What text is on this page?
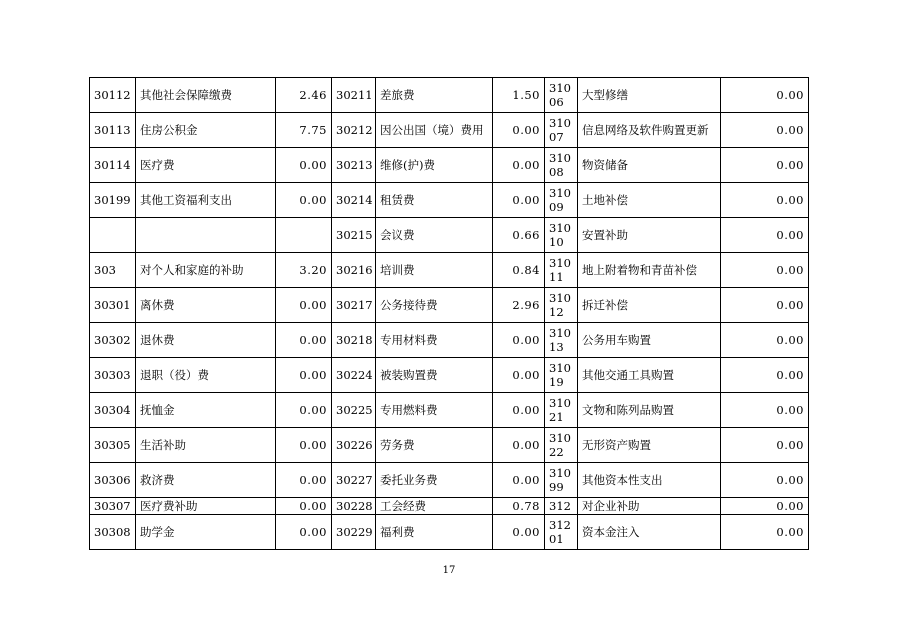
30112	其他社会保障缴费	2.46	30211	差旅费	1.50	31006	大型修缮	0.00
30113	住房公积金	7.75	30212	因公出国（境）费用	0.00	31007	信息网络及软件购置更新	0.00
30114	医疗费	0.00	30213	维修(护)费	0.00	31008	物资储备	0.00
30199	其他工资福利支出	0.00	30214	租赁费	0.00	31009	土地补偿	0.00
			30215	会议费	0.66	31010	安置补助	0.00
303	对个人和家庭的补助	3.20	30216	培训费	0.84	31011	地上附着物和青苗补偿	0.00
30301	离休费	0.00	30217	公务接待费	2.96	31012	拆迁补偿	0.00
30302	退休费	0.00	30218	专用材料费	0.00	31013	公务用车购置	0.00
30303	退职（役）费	0.00	30224	被装购置费	0.00	31019	其他交通工具购置	0.00
30304	抚恤金	0.00	30225	专用燃料费	0.00	31021	文物和陈列品购置	0.00
30305	生活补助	0.00	30226	劳务费	0.00	31022	无形资产购置	0.00
30306	救济费	0.00	30227	委托业务费	0.00	31099	其他资本性支出	0.00
30307	医疗费补助	0.00	30228	工会经费	0.78	312	对企业补助	0.00
30308	助学金	0.00	30229	福利费	0.00	31201	资本金注入	0.00
17
